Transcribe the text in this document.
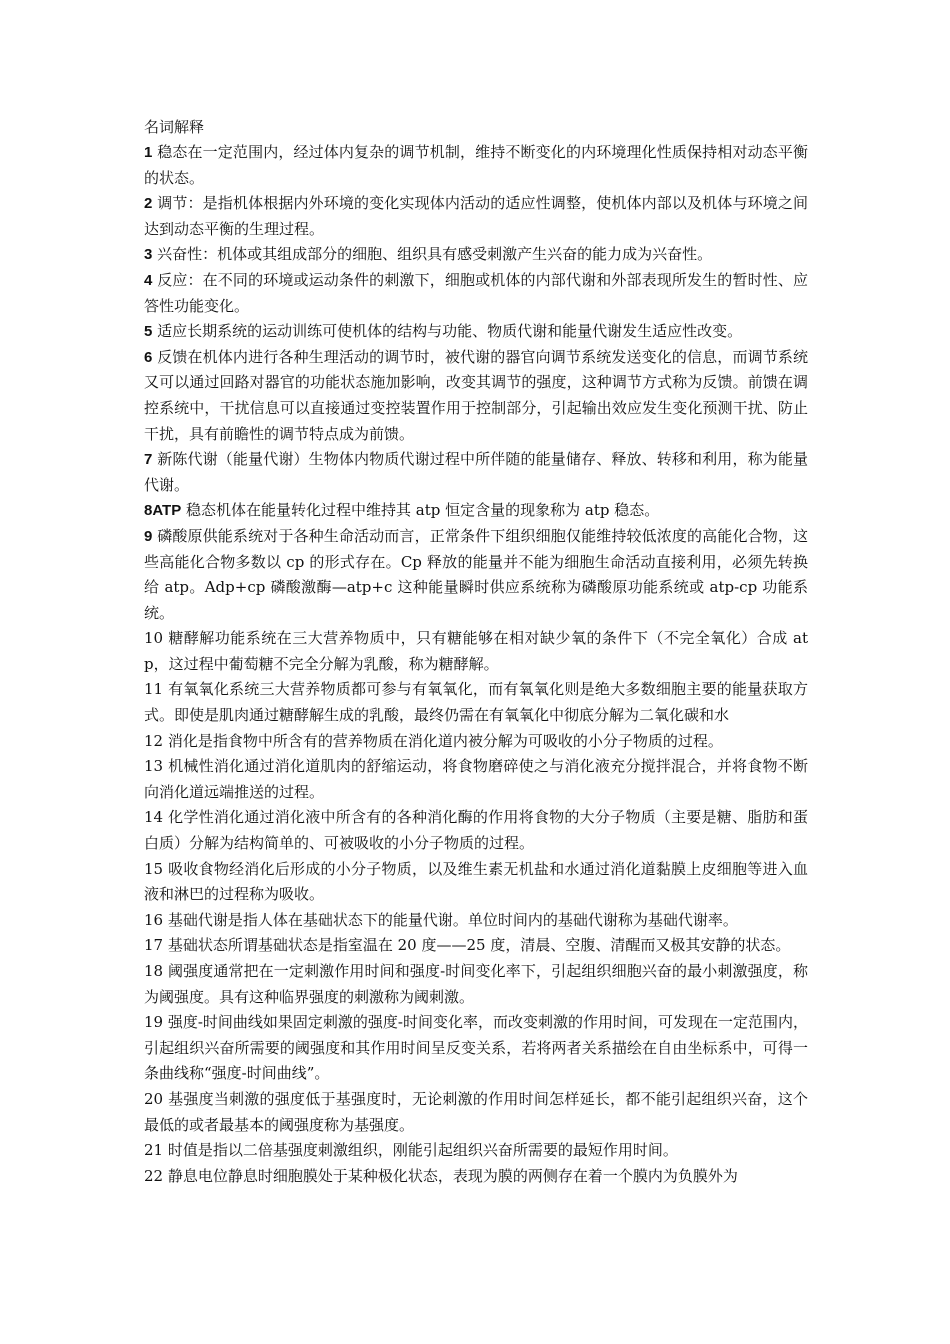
名词解释

1 稳态在一定范围内，经过体内复杂的调节机制，维持不断变化的内环境理化性质保持相对动态平衡的状态。

2 调节：是指机体根据内外环境的变化实现体内活动的适应性调整，使机体内部以及机体与环境之间达到动态平衡的生理过程。

3 兴奋性：机体或其组成部分的细胞、组织具有感受刺激产生兴奋的能力成为兴奋性。

4 反应：在不同的环境或运动条件的刺激下，细胞或机体的内部代谢和外部表现所发生的暂时性、应答性功能变化。

5 适应长期系统的运动训练可使机体的结构与功能、物质代谢和能量代谢发生适应性改变。

6 反馈在机体内进行各种生理活动的调节时，被代谢的器官向调节系统发送变化的信息，而调节系统又可以通过回路对器官的功能状态施加影响，改变其调节的强度，这种调节方式称为反馈。前馈在调控系统中，干扰信息可以直接通过变控装置作用于控制部分，引起输出效应发生变化预测干扰、防止干扰，具有前瞻性的调节特点成为前馈。

7 新陈代谢（能量代谢）生物体内物质代谢过程中所伴随的能量储存、释放、转移和利用，称为能量代谢。

8ATP 稳态机体在能量转化过程中维持其 atp 恒定含量的现象称为 atp 稳态。

9 磷酸原供能系统对于各种生命活动而言，正常条件下组织细胞仅能维持较低浓度的高能化合物，这些高能化合物多数以 cp 的形式存在。Cp 释放的能量并不能为细胞生命活动直接利用，必须先转换给 atp。Adp+cp 磷酸激酶—atp+c 这种能量瞬时供应系统称为磷酸原功能系统或 atp-cp 功能系统。

10 糖酵解功能系统在三大营养物质中，只有糖能够在相对缺少氧的条件下（不完全氧化）合成 atp，这过程中葡萄糖不完全分解为乳酸，称为糖酵解。

11 有氧氧化系统三大营养物质都可参与有氧氧化，而有氧氧化则是绝大多数细胞主要的能量获取方式。即使是肌肉通过糖酵解生成的乳酸，最终仍需在有氧氧化中彻底分解为二氧化碳和水

12 消化是指食物中所含有的营养物质在消化道内被分解为可吸收的小分子物质的过程。

13 机械性消化通过消化道肌肉的舒缩运动，将食物磨碎使之与消化液充分搅拌混合，并将食物不断向消化道远端推送的过程。

14 化学性消化通过消化液中所含有的各种消化酶的作用将食物的大分子物质（主要是糖、脂肪和蛋白质）分解为结构简单的、可被吸收的小分子物质的过程。

15 吸收食物经消化后形成的小分子物质，以及维生素无机盐和水通过消化道黏膜上皮细胞等进入血液和淋巴的过程称为吸收。

16 基础代谢是指人体在基础状态下的能量代谢。单位时间内的基础代谢称为基础代谢率。

17 基础状态所谓基础状态是指室温在 20 度——25 度，清晨、空腹、清醒而又极其安静的状态。

18 阈强度通常把在一定刺激作用时间和强度-时间变化率下，引起组织细胞兴奋的最小刺激强度，称为阈强度。具有这种临界强度的刺激称为阈刺激。

19 强度-时间曲线如果固定刺激的强度-时间变化率，而改变刺激的作用时间，可发现在一定范围内，引起组织兴奋所需要的阈强度和其作用时间呈反变关系，若将两者关系描绘在自由坐标系中，可得一条曲线称“强度-时间曲线”。

20 基强度当刺激的强度低于基强度时，无论刺激的作用时间怎样延长，都不能引起组织兴奋，这个最低的或者最基本的阈强度称为基强度。

21 时值是指以二倍基强度刺激组织，刚能引起组织兴奋所需要的最短作用时间。

22 静息电位静息时细胞膜处于某种极化状态，表现为膜的两侧存在着一个膜内为负膜外为
